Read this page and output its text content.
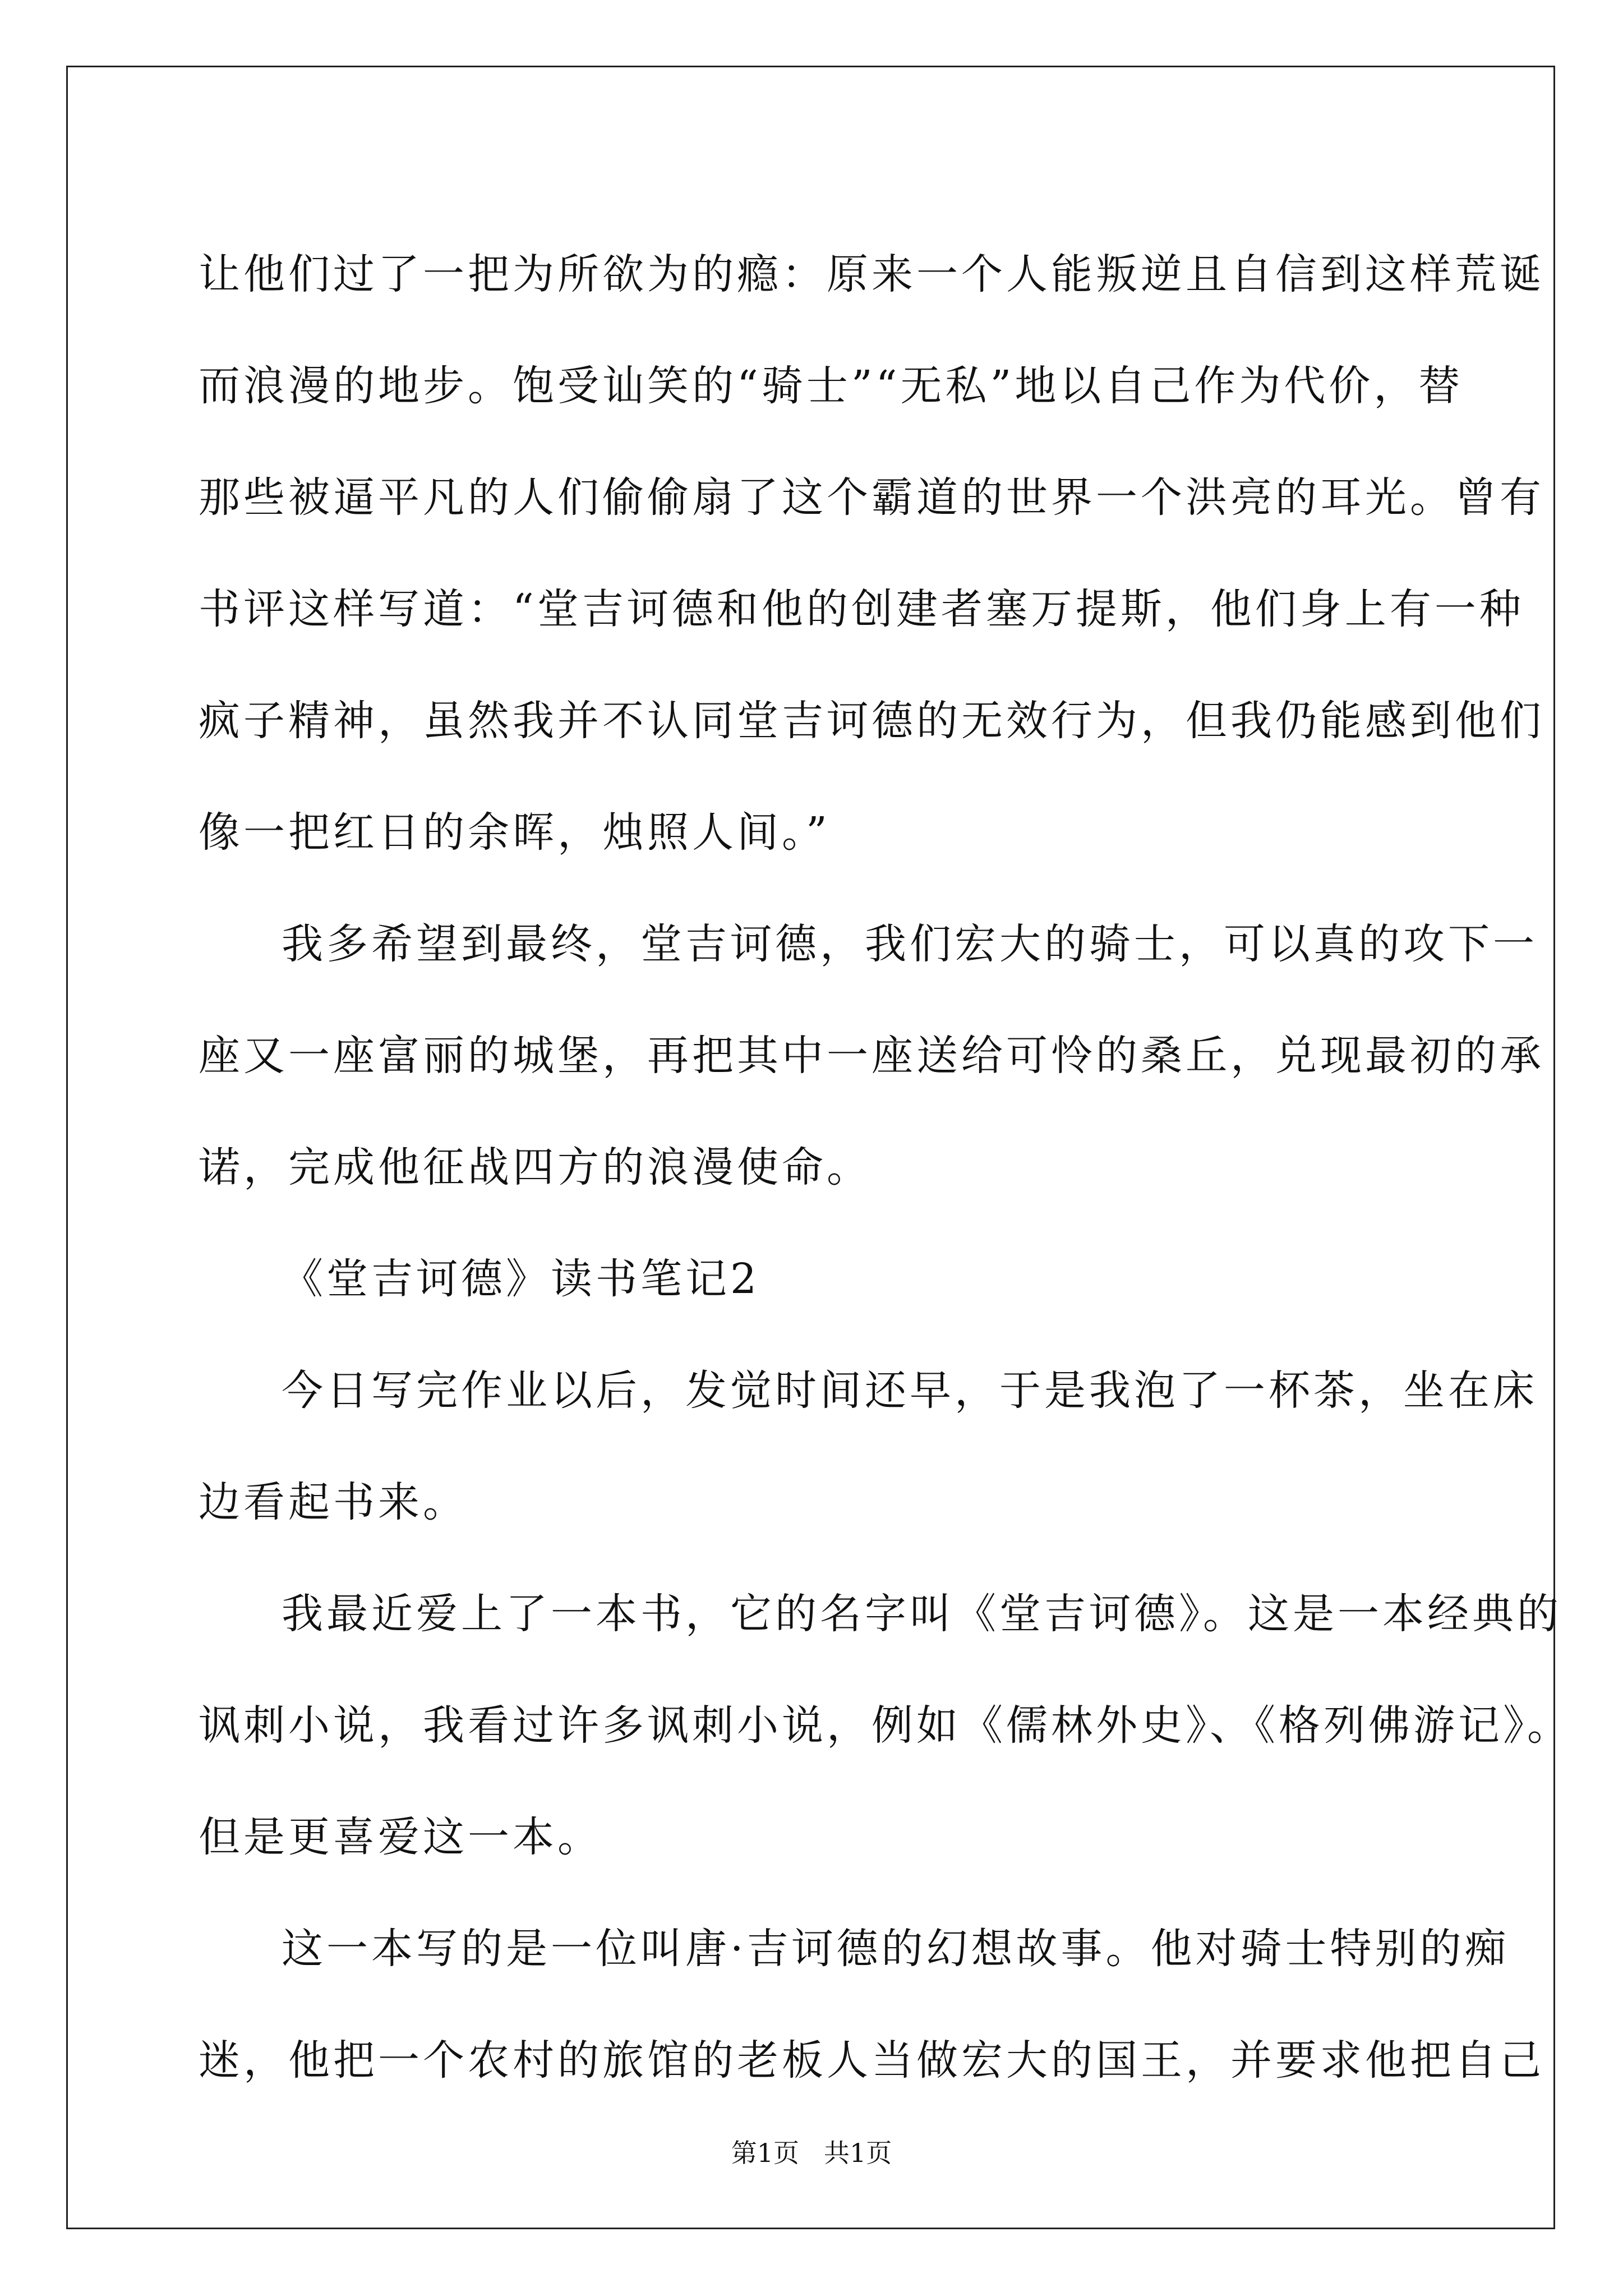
让他们过了一把为所欲为的瘾：原来一个人能叛逆且自信到这样荒诞
而浪漫的地步。饱受讪笑的“骑士”“无私”地以自己作为代价，替
那些被逼平凡的人们偷偷扇了这个霸道的世界一个洪亮的耳光。曾有
书评这样写道：“堂吉诃德和他的创建者塞万提斯，他们身上有一种
疯子精神，虽然我并不认同堂吉诃德的无效行为，但我仍能感到他们
像一把红日的余晖，烛照人间。”
我多希望到最终，堂吉诃德，我们宏大的骑士，可以真的攻下一
座又一座富丽的城堡，再把其中一座送给可怜的桑丘，兑现最初的承
诺，完成他征战四方的浪漫使命。
《堂吉诃德》读书笔记2
今日写完作业以后，发觉时间还早，于是我泡了一杯茶，坐在床
边看起书来。
我最近爱上了一本书，它的名字叫《堂吉诃德》。这是一本经典的
讽刺小说，我看过许多讽刺小说，例如《儒林外史》、《格列佛游记》。
但是更喜爱这一本。
这一本写的是一位叫唐·吉诃德的幻想故事。他对骑士特别的痴
迷，他把一个农村的旅馆的老板人当做宏大的国王，并要求他把自己
第1页 共1页
